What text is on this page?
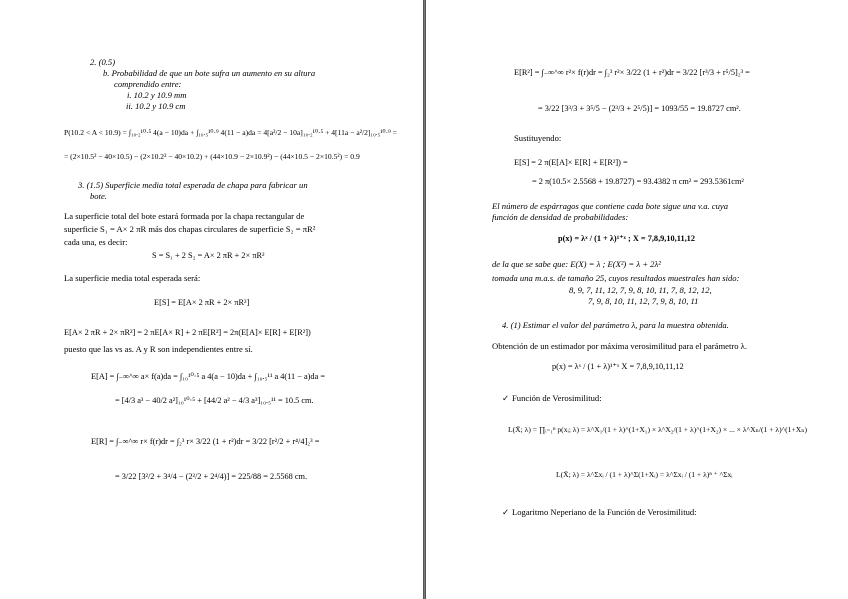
2. (0.5)
b. Probabilidad de que un bote sufra un aumento en su altura
comprendido entre:
i. 10.2 y 10.9 mm
ii. 10.2 y 10.9 cm
P(10.2 < A < 10.9) = ∫₁₀.₂¹⁰·⁵ 4(a − 10)da + ∫₁₀.₅¹⁰·⁹ 4(11 − a)da = 4[a²/2 − 10a]₁₀.₂¹⁰·⁵ + 4[11a − a²/2]₁₀.₅¹⁰·⁹ =
= (2×10.5² − 40×10.5) − (2×10.2² − 40×10.2) + (44×10.9 − 2×10.9²) − (44×10.5 − 2×10.5²) = 0.9
3. (1.5) Superficie media total esperada de chapa para fabricar un
bote.
La superficie total del bote estará formada por la chapa rectangular de
superficie S₁ = A× 2 πR más dos chapas circulares de superficie S₂ = πR²
cada una, es decir:
S = S₁ + 2 S₂ = A× 2 πR + 2× πR²
La superficie media total esperada será:
E[S] = E[A× 2 πR + 2× πR²]
E[A× 2 πR + 2× πR²] = 2 πE[A× R] + 2 πE[R²] = 2π(E[A]× E[R] + E[R²])
puesto que las vs as. A y R son independientes entre sí.
E[A] = ∫₋∞^∞ a× f(a)da = ∫₁₀¹⁰·⁵ a 4(a − 10)da + ∫₁₀.₅¹¹ a 4(11 − a)da =
= [4/3 a³ − 40/2 a²]₁₀¹⁰·⁵ + [44/2 a² − 4/3 a³]₁₀.₅¹¹ = 10.5 cm.
E[R] = ∫₋∞^∞ r× f(r)dr = ∫₂³ r× 3/22 (1 + r²)dr = 3/22 [r²/2 + r⁴/4]₂³ =
= 3/22 [3²/2 + 3⁴/4 − (2²/2 + 2⁴/4)] = 225/88 = 2.5568 cm.
E[R²] = ∫₋∞^∞ r²× f(r)dr = ∫₂³ r²× 3/22 (1 + r²)dr = 3/22 [r³/3 + r⁵/5]₂³ =
= 3/22 [3³/3 + 3⁵/5 − (2³/3 + 2⁵/5)] = 1093/55 = 19.8727 cm².
Sustituyendo:
E[S] = 2 π(E[A]× E[R] + E[R²]) =
= 2 π(10.5× 2.5568 + 19.8727) = 93.4382 π cm² = 293.5361cm²
El número de espárragos que contiene cada bote sigue una v.a. cuya
función de densidad de probabilidades:
p(x) = λˣ / (1 + λ)¹⁺ˣ ; X = 7,8,9,10,11,12
de la que se sabe que: E(X) = λ ; E(X²) = λ + 2λ²
tomada una m.a.s. de tamaño 25, cuyos resultados muestrales han sido:
8, 9, 7, 11, 12, 7, 9, 8, 10, 11, 7, 8, 12, 12,
7, 9, 8, 10, 11, 12, 7, 9, 8, 10, 11
4. (1) Estimar el valor del parámetro λ, para la muestra obtenida.
Obtención de un estimador por máxima verosimilitud para el parámetro λ.
p(x) = λˣ / (1 + λ)¹⁺ˣ X = 7,8,9,10,11,12
✓ Función de Verosimilitud:
L(X̄; λ) = ∏ᵢ₌₁ⁿ p(xᵢ; λ) = λ^X₁/(1 + λ)^(1+X₁) × λ^X₂/(1 + λ)^(1+X₂) × ... × λ^Xₙ/(1 + λ)^(1+Xₙ)
L(X̄; λ) = λ^Σxᵢ / (1 + λ)^Σ(1+Xᵢ) = λ^Σxᵢ / (1 + λ)ⁿ ⁺ ^Σxᵢ
✓ Logaritmo Neperiano de la Función de Verosimilitud:
